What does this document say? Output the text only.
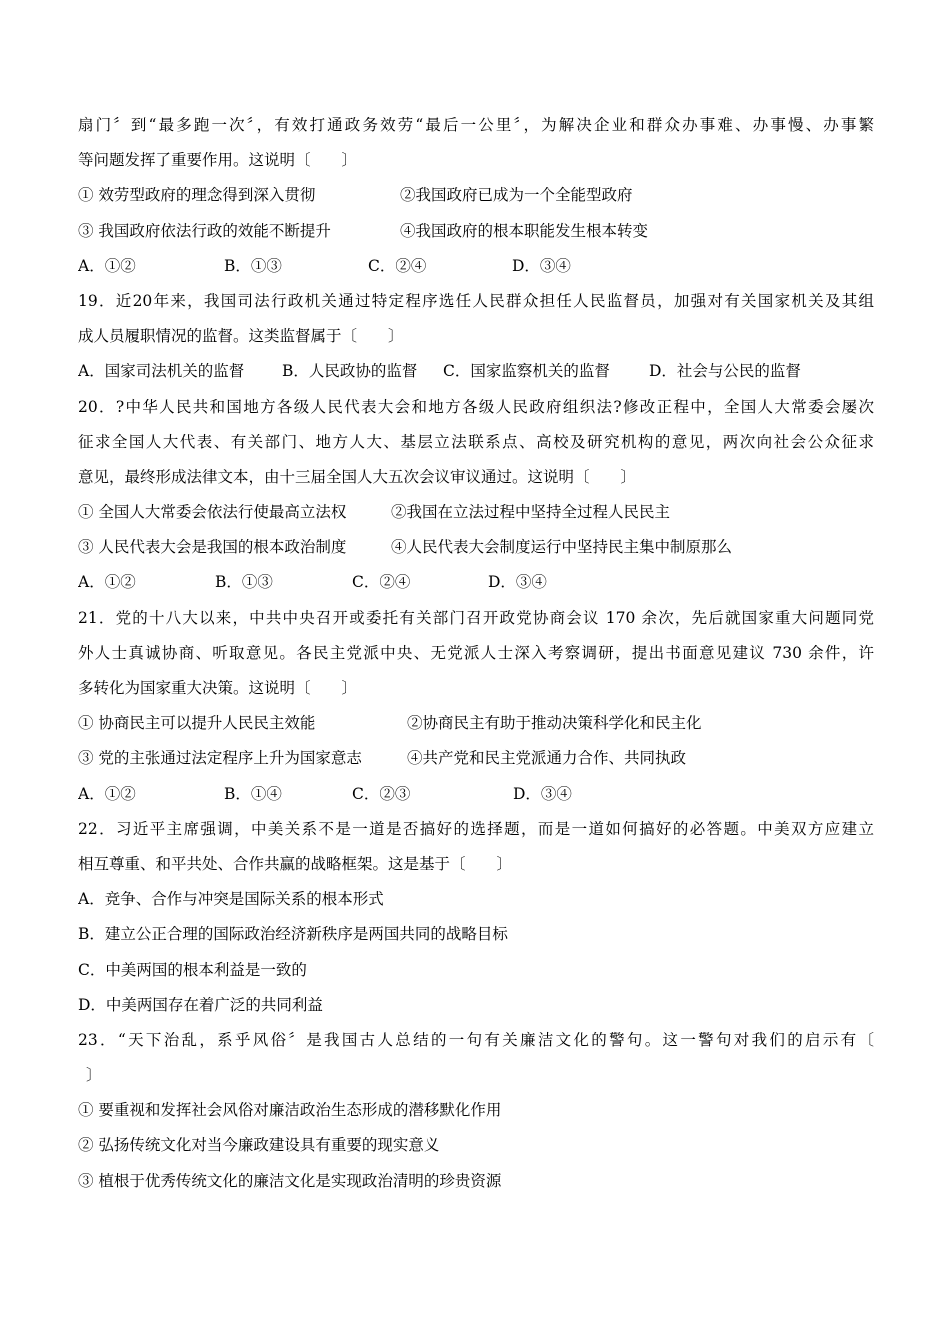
扇门〞到“最多跑一次〞，有效打通政务效劳“最后一公里〞，为解决企业和群众办事难、办事慢、办事繁
等问题发挥了重要作用。这说明〔　　〕
① 效劳型政府的理念得到深入贯彻	②我国政府已成为一个全能型政府
③ 我国政府依法行政的效能不断提升	④我国政府的根本职能发生根本转变
A．①②	B．①③	C．②④	D．③④
19．近20年来，我国司法行政机关通过特定程序选任人民群众担任人民监督员，加强对有关国家机关及其组
成人员履职情况的监督。这类监督属于〔　　〕
A．国家司法机关的监督 B．人民政协的监督 C．国家监察机关的监督	D．社会与公民的监督
20．?中华人民共和国地方各级人民代表大会和地方各级人民政府组织法?修改正程中，全国人大常委会屡次
征求全国人大代表、有关部门、地方人大、基层立法联系点、高校及研究机构的意见，两次向社会公众征求
意见，最终形成法律文本，由十三届全国人大五次会议审议通过。这说明〔　　〕
① 全国人大常委会依法行使最高立法权	②我国在立法过程中坚持全过程人民民主
③ 人民代表大会是我国的根本政治制度	④人民代表大会制度运行中坚持民主集中制原那么
A．①②	B．①③	C．②④	D．③④
21．党的十八大以来，中共中央召开或委托有关部门召开政党协商会议 170 余次，先后就国家重大问题同党
外人士真诚协商、听取意见。各民主党派中央、无党派人士深入考察调研，提出书面意见建议 730 余件，许
多转化为国家重大决策。这说明〔　　〕
① 协商民主可以提升人民民主效能	②协商民主有助于推动决策科学化和民主化
③ 党的主张通过法定程序上升为国家意志	④共产党和民主党派通力合作、共同执政
A．①②	B．①④	C．②③	D．③④
22．习近平主席强调，中美关系不是一道是否搞好的选择题，而是一道如何搞好的必答题。中美双方应建立
相互尊重、和平共处、合作共赢的战略框架。这是基于〔　　〕
A．竞争、合作与冲突是国际关系的根本形式
B．建立公正合理的国际政治经济新秩序是两国共同的战略目标
C．中美两国的根本利益是一致的
D．中美两国存在着广泛的共同利益
23．“天下治乱，系乎风俗〞是我国古人总结的一句有关廉洁文化的警句。这一警句对我们的启示有〔
〕
① 要重视和发挥社会风俗对廉洁政治生态形成的潜移默化作用
② 弘扬传统文化对当今廉政建设具有重要的现实意义
③ 植根于优秀传统文化的廉洁文化是实现政治清明的珍贵资源
